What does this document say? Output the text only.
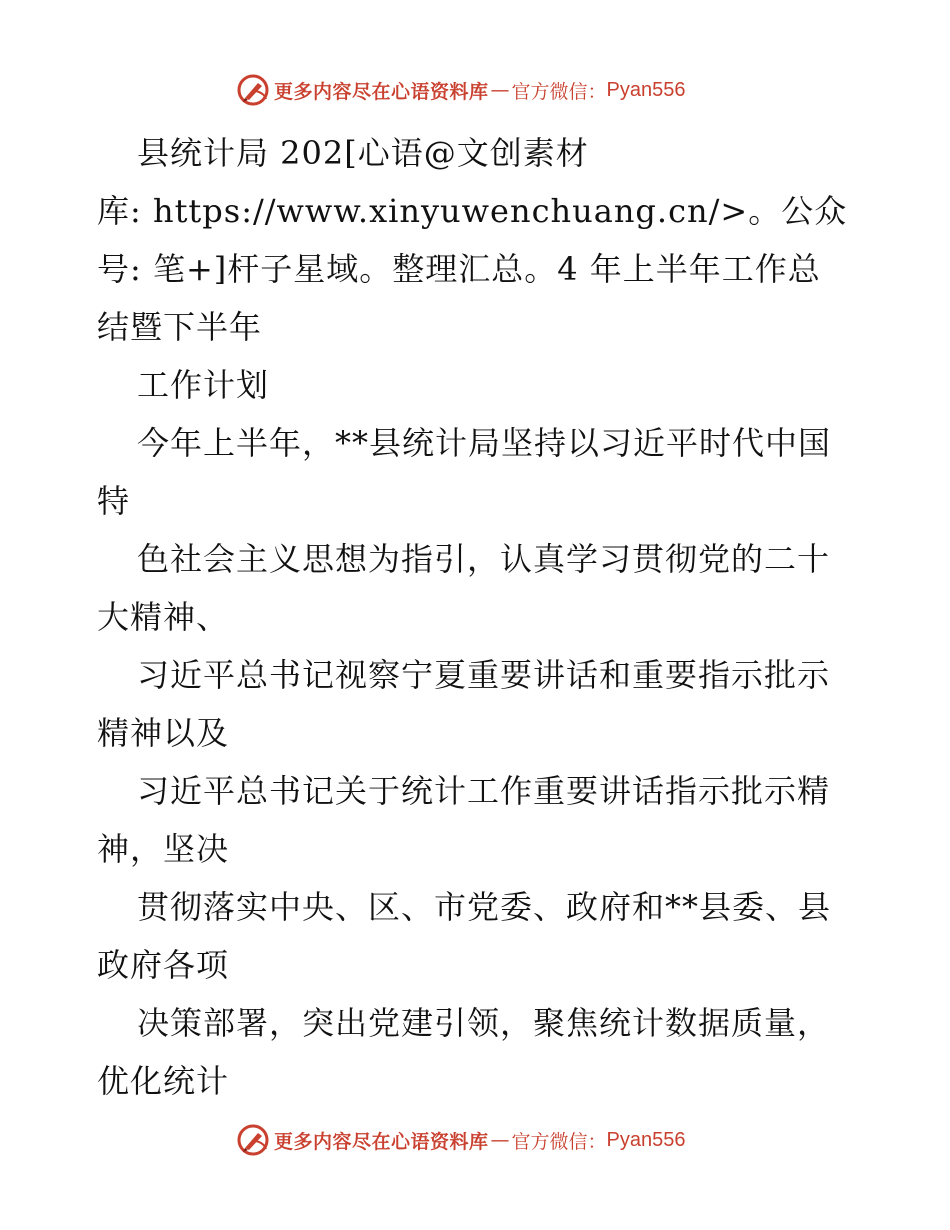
更多内容尽在心语资料库 — 官方微信： Pyan556
县统计局 202[心语@文创素材
库: https://www.xinyuwenchuang.cn/>。公众
号: 笔+]杆子星域。整理汇总。4 年上半年工作总
结暨下半年
工作计划
今年上半年，**县统计局坚持以习近平时代中国
特
色社会主义思想为指引，认真学习贯彻党的二十
大精神、
习近平总书记视察宁夏重要讲话和重要指示批示
精神以及
习近平总书记关于统计工作重要讲话指示批示精
神，坚决
贯彻落实中央、区、市党委、政府和**县委、县
政府各项
决策部署，突出党建引领，聚焦统计数据质量，
优化统计
更多内容尽在心语资料库 — 官方微信： Pyan556
